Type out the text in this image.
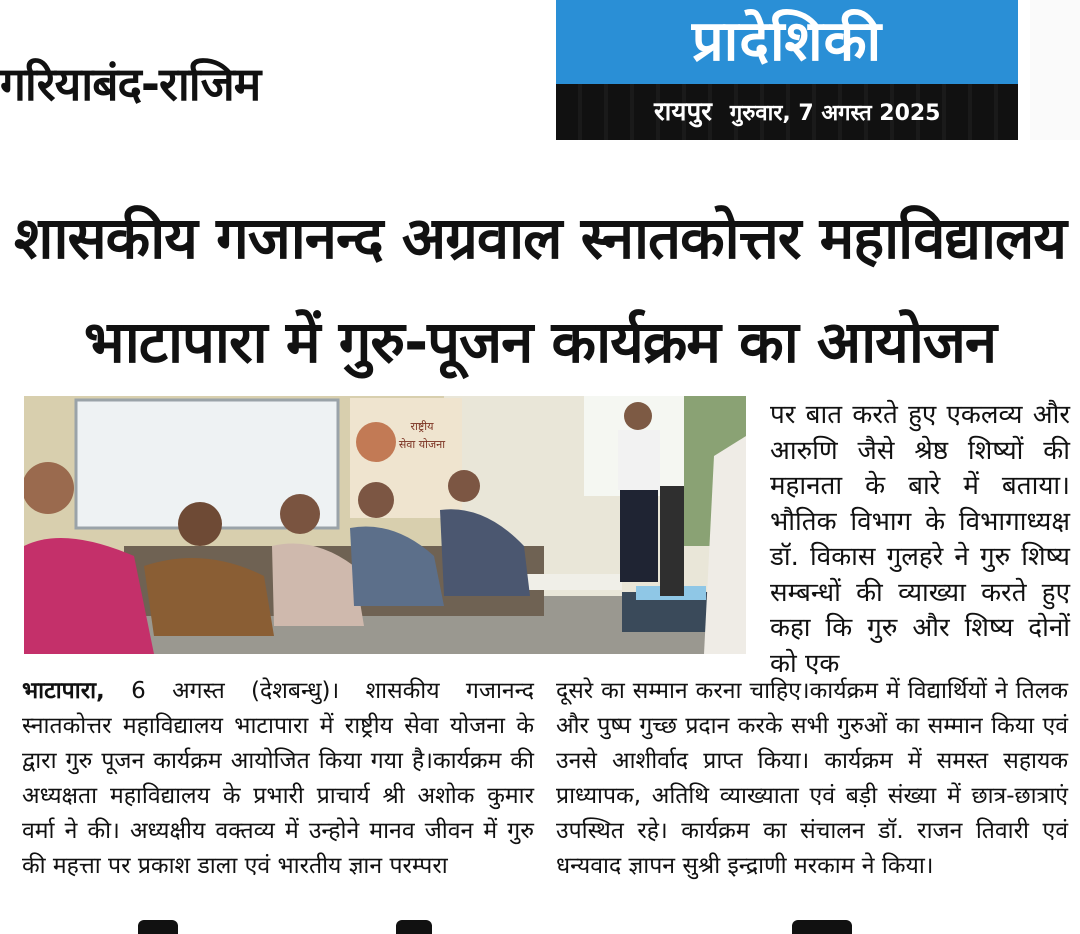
गरियाबंद-राजिम
प्रादेशिकी
रायपुर गुरुवार, 7 अगस्त 2025
शासकीय गजानन्द अग्रवाल स्नातकोत्तर महाविद्यालय
भाटापारा में गुरु-पूजन कार्यक्रम का आयोजन
राष्ट्रीय
सेवा योजना

पर बात करते हुए एकलव्य और आरुणि जैसे श्रेष्ठ शिष्यों की महानता के बारे में बताया। भौतिक विभाग के विभागाध्यक्ष डॉ. विकास गुलहरे ने गुरु शिष्य सम्बन्धों की व्याख्या करते हुए कहा कि गुरु और शिष्य दोनों को एक

भाटापारा, 6 अगस्त (देशबन्धु)। शासकीय गजानन्द स्नातकोत्तर महाविद्यालय भाटापारा में राष्ट्रीय सेवा योजना के द्वारा गुरु पूजन कार्यक्रम आयोजित किया गया है।कार्यक्रम की अध्यक्षता महाविद्यालय के प्रभारी प्राचार्य श्री अशोक कुमार वर्मा ने की। अध्यक्षीय वक्तव्य में उन्होने मानव जीवन में गुरु की महत्ता पर प्रकाश डाला एवं भारतीय ज्ञान परम्परा

दूसरे का सम्मान करना चाहिए।कार्यक्रम में विद्यार्थियों ने तिलक और पुष्प गुच्छ प्रदान करके सभी गुरुओं का सम्मान किया एवं उनसे आशीर्वाद प्राप्त किया। कार्यक्रम में समस्त सहायक प्राध्यापक, अतिथि व्याख्याता एवं बड़ी संख्या में छात्र-छात्राएं उपस्थित रहे। कार्यक्रम का संचालन डॉ. राजन तिवारी एवं धन्यवाद ज्ञापन सुश्री इन्द्राणी मरकाम ने किया।
